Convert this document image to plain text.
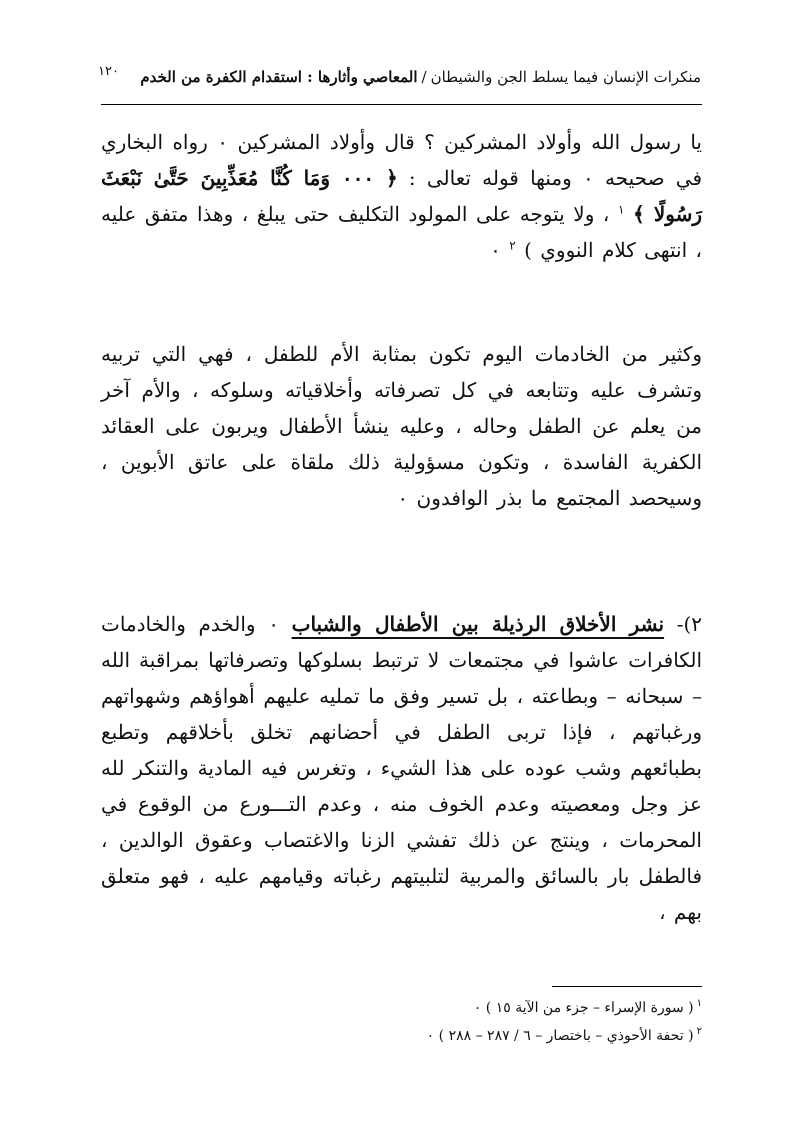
منكرات الإنسان فيما يسلط الجن والشيطان/المعاصي وأثارها : استقدام الكفرة من الخدم
١٢٠

يا رسول الله وأولاد المشركين ؟ قال وأولاد المشركين ٠ رواه البخاري في صحيحه ٠ ومنها قوله تعالى : ﴿ ٠٠٠ وَمَا كُنَّا مُعَذِّبِينَ حَتَّىٰ نَبْعَثَ رَسُولًا ﴾ $^١$ ، ولا يتوجه على المولود التكليف حتى يبلغ ، وهذا متفق عليه ، انتهى كلام النووي ) $^٢$ ٠

وكثير من الخادمات اليوم تكون بمثابة الأم للطفل ، فهي التي تربيه وتشرف عليه وتتابعه في كل تصرفاته وأخلاقياته وسلوكه ، والأم آخر من يعلم عن الطفل وحاله ، وعليه ينشأ الأطفال ويربون على العقائد الكفرية الفاسدة ، وتكون مسؤولية ذلك ملقاة على عاتق الأبوين ، وسيحصد المجتمع ما بذر الوافدون ٠

٢)- نشر الأخلاق الرذيلة بين الأطفال والشباب ٠ والخدم والخادمات الكافرات عاشوا في مجتمعات لا ترتبط بسلوكها وتصرفاتها بمراقبة الله – سبحانه – وبطاعته ، بل تسير وفق ما تمليه عليهم أهواؤهم وشهواتهم ورغباتهم ، فإذا تربى الطفل في أحضانهم تخلق بأخلاقهم وتطبع بطبائعهم وشب عوده على هذا الشيء ، وتغرس فيه المادية والتنكر لله عز وجل ومعصيته وعدم الخوف منه ، وعدم التـــورع من الوقوع في المحرمات ، وينتج عن ذلك تفشي الزنا والاغتصاب وعقوق الوالدين ، فالطفل بار بالسائق والمربية لتلبيتهم رغباته وقيامهم عليه ، فهو متعلق بهم ،

$^١$( سورة الإسراء – جزء من الآية ١٥ ) ٠
$^٢$( تحفة الأحوذي – باختصار – ٦ / ٢٨٧ – ٢٨٨ ) ٠
